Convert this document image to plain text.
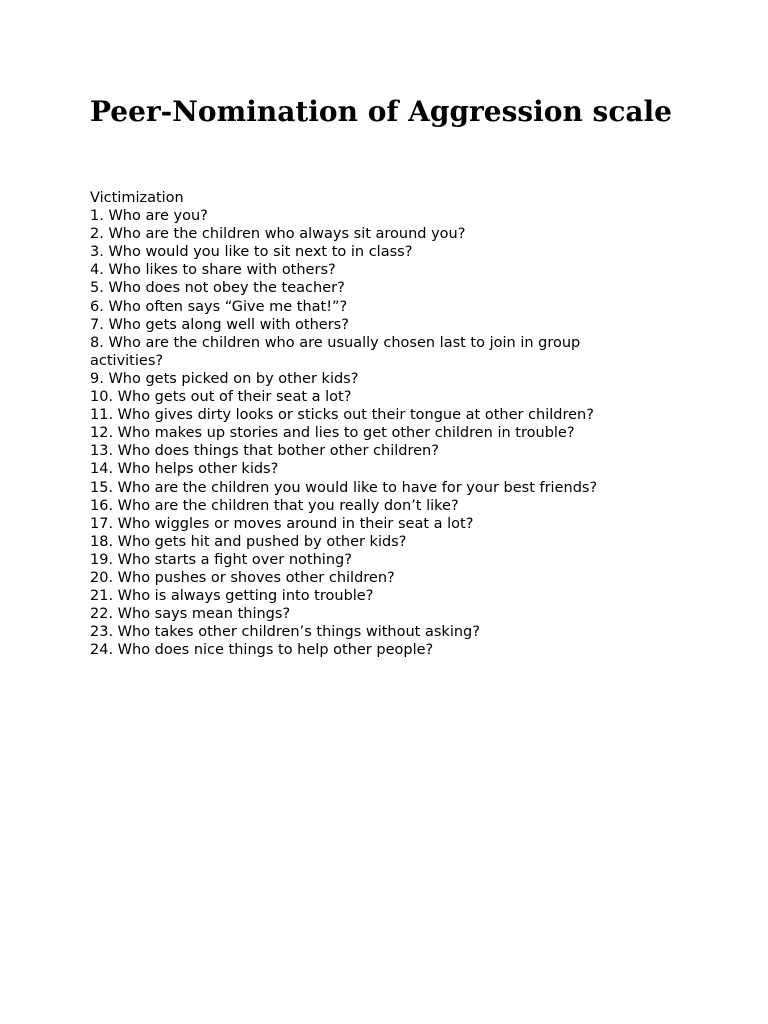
Peer-Nomination of Aggression scale

Victimization

1. Who are you?
2. Who are the children who always sit around you?
3. Who would you like to sit next to in class?
4. Who likes to share with others?
5. Who does not obey the teacher?
6. Who often says “Give me that!”?
7. Who gets along well with others?
8. Who are the children who are usually chosen last to join in group activities?
9. Who gets picked on by other kids?
10. Who gets out of their seat a lot?
11. Who gives dirty looks or sticks out their tongue at other children?
12. Who makes up stories and lies to get other children in trouble?
13. Who does things that bother other children?
14. Who helps other kids?
15. Who are the children you would like to have for your best friends?
16. Who are the children that you really don’t like?
17. Who wiggles or moves around in their seat a lot?
18. Who gets hit and pushed by other kids?
19. Who starts a fight over nothing?
20. Who pushes or shoves other children?
21. Who is always getting into trouble?
22. Who says mean things?
23. Who takes other children’s things without asking?
24. Who does nice things to help other people?
